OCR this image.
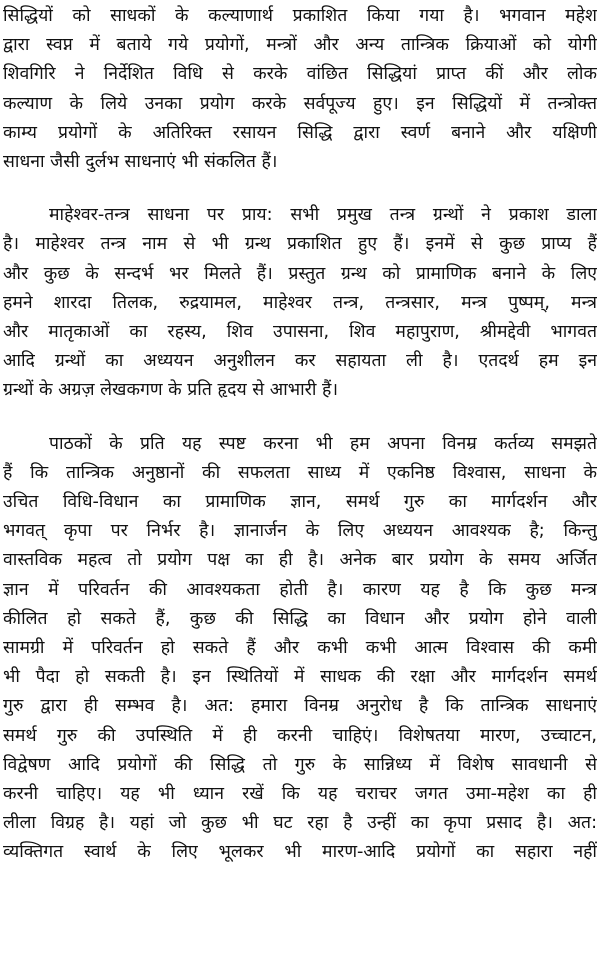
सिद्धियों को साधकों के कल्याणार्थ प्रकाशित किया गया है। भगवान महेश
द्वारा स्वप्न में बताये गये प्रयोगों, मन्त्रों और अन्य तान्त्रिक क्रियाओं को योगी
शिवगिरि ने निर्देशित विधि से करके वांछित सिद्धियां प्राप्त कीं और लोक
कल्याण के लिये उनका प्रयोग करके सर्वपूज्य हुए। इन सिद्धियों में तन्त्रोक्त
काम्य प्रयोगों के अतिरिक्त रसायन सिद्धि द्वारा स्वर्ण बनाने और यक्षिणी
साधना जैसी दुर्लभ साधनाएं भी संकलित हैं।

माहेश्वर-तन्त्र साधना पर प्राय: सभी प्रमुख तन्त्र ग्रन्थों ने प्रकाश डाला
है। माहेश्वर तन्त्र नाम से भी ग्रन्थ प्रकाशित हुए हैं। इनमें से कुछ प्राप्य हैं
और कुछ के सन्दर्भ भर मिलते हैं। प्रस्तुत ग्रन्थ को प्रामाणिक बनाने के लिए
हमने शारदा तिलक, रुद्रयामल, माहेश्वर तन्त्र, तन्त्रसार, मन्त्र पुष्पम्, मन्त्र
और मातृकाओं का रहस्य, शिव उपासना, शिव महापुराण, श्रीमद्देवी भागवत
आदि ग्रन्थों का अध्ययन अनुशीलन कर सहायता ली है। एतदर्थ हम इन
ग्रन्थों के अग्रज़ लेखकगण के प्रति हृदय से आभारी हैं।

पाठकों के प्रति यह स्पष्ट करना भी हम अपना विनम्र कर्तव्य समझते
हैं कि तान्त्रिक अनुष्ठानों की सफलता साध्य में एकनिष्ठ विश्वास, साधना के
उचित विधि-विधान का प्रामाणिक ज्ञान, समर्थ गुरु का मार्गदर्शन और
भगवत् कृपा पर निर्भर है। ज्ञानार्जन के लिए अध्ययन आवश्यक है; किन्तु
वास्तविक महत्व तो प्रयोग पक्ष का ही है। अनेक बार प्रयोग के समय अर्जित
ज्ञान में परिवर्तन की आवश्यकता होती है। कारण यह है कि कुछ मन्त्र
कीलित हो सकते हैं, कुछ की सिद्धि का विधान और प्रयोग होने वाली
सामग्री में परिवर्तन हो सकते हैं और कभी कभी आत्म विश्वास की कमी
भी पैदा हो सकती है। इन स्थितियों में साधक की रक्षा और मार्गदर्शन समर्थ
गुरु द्वारा ही सम्भव है। अत: हमारा विनम्र अनुरोध है कि तान्त्रिक साधनाएं
समर्थ गुरु की उपस्थिति में ही करनी चाहिएं। विशेषतया मारण, उच्चाटन,
विद्वेषण आदि प्रयोगों की सिद्धि तो गुरु के सान्निध्य में विशेष सावधानी से
करनी चाहिए। यह भी ध्यान रखें कि यह चराचर जगत उमा-महेश का ही
लीला विग्रह है। यहां जो कुछ भी घट रहा है उन्हीं का कृपा प्रसाद है। अत:
व्यक्तिगत स्वार्थ के लिए भूलकर भी मारण-आदि प्रयोगों का सहारा नहीं
